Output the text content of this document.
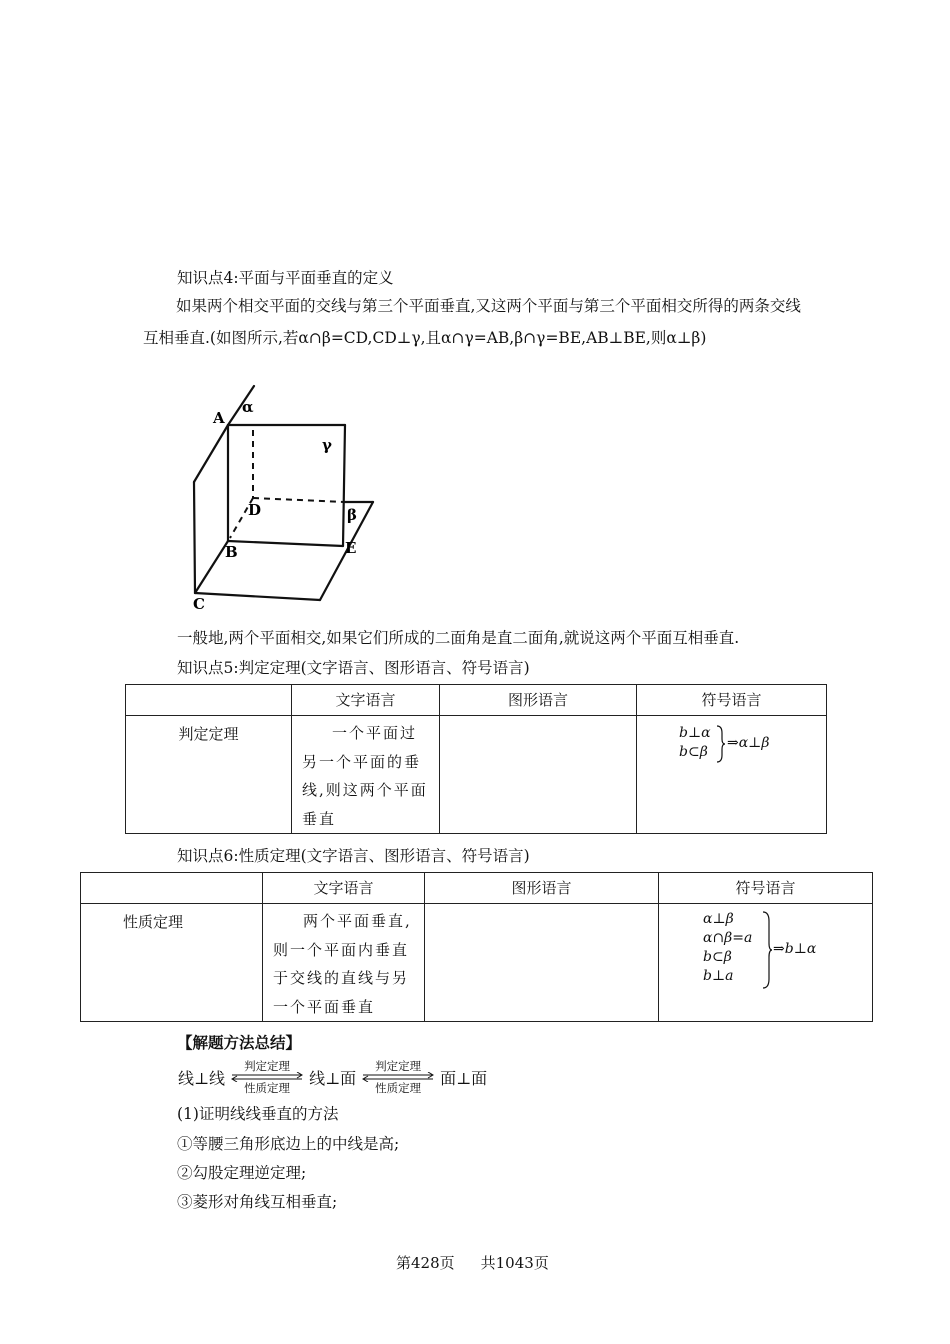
知识点4:平面与平面垂直的定义
如果两个相交平面的交线与第三个平面垂直,又这两个平面与第三个平面相交所得的两条交线互相垂直.(如图所示,若α∩β=CD,CD⊥γ,且α∩γ=AB,β∩γ=BE,AB⊥BE,则α⊥β)
A
α
γ
D	β
B	E
C
一般地,两个平面相交,如果它们所成的二面角是直二面角,就说这两个平面互相垂直.
知识点5:判定定理(文字语言、图形语言、符号语言)
	文字语言	图形语言	符号语言
判定定理	一个平面过另一个平面的垂线,则这两个平面垂直		b⊥α
b⊂β
⇒α⊥β
知识点6:性质定理(文字语言、图形语言、符号语言)
	文字语言	图形语言	符号语言
性质定理	两个平面垂直,则一个平面内垂直于交线的直线与另一个平面垂直		α⊥β
α∩β=a
b⊂β
b⊥a
⇒b⊥α
【解题方法总结】
线⊥线
判定定理
性质定理
线⊥面
判定定理
性质定理
面⊥面
(1)证明线线垂直的方法
①等腰三角形底边上的中线是高;
②勾股定理逆定理;
③菱形对角线互相垂直;
第428页 共1043页
